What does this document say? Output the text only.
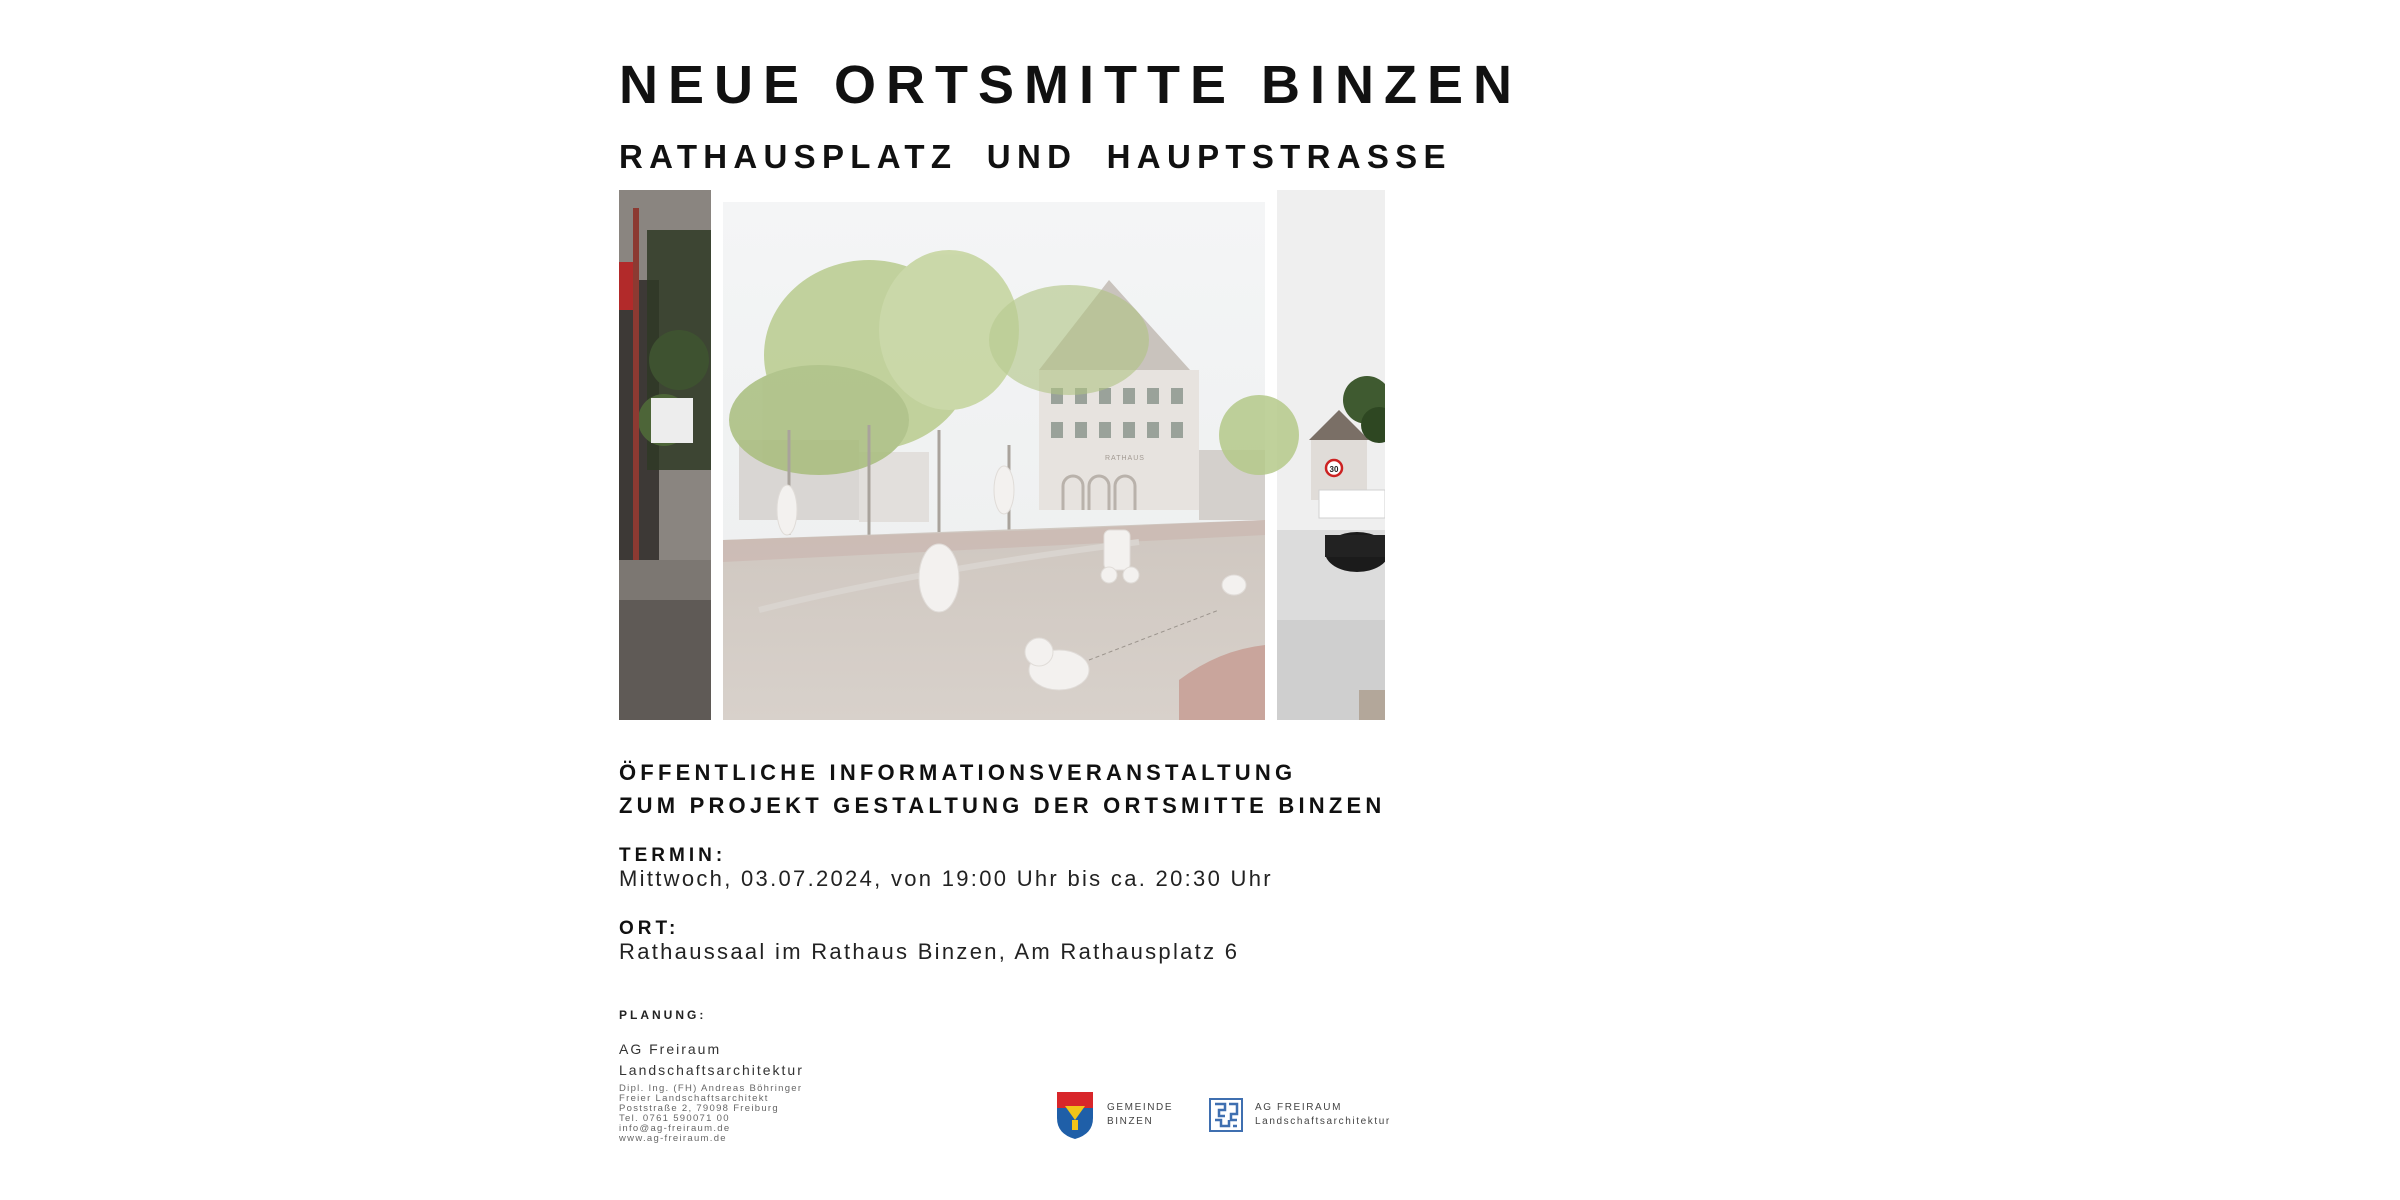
NEUE ORTSMITTE BINZEN
RATHAUSPLATZ UND HAUPTSTRASSE
30
RATHAUS
ÖFFENTLICHE INFORMATIONSVERANSTALTUNG
ZUM PROJEKT GESTALTUNG DER ORTSMITTE BINZEN
TERMIN:
Mittwoch, 03.07.2024, von 19:00 Uhr bis ca. 20:30 Uhr
ORT:
Rathaussaal im Rathaus Binzen, Am Rathausplatz 6
PLANUNG:
AG Freiraum
Landschaftsarchitektur
Dipl. Ing. (FH) Andreas Böhringer
Freier Landschaftsarchitekt
Poststraße 2, 79098 Freiburg
Tel. 0761 590071 00
info@ag-freiraum.de
www.ag-freiraum.de
GEMEINDE
BINZEN
AG FREIRAUM
Landschaftsarchitektur
